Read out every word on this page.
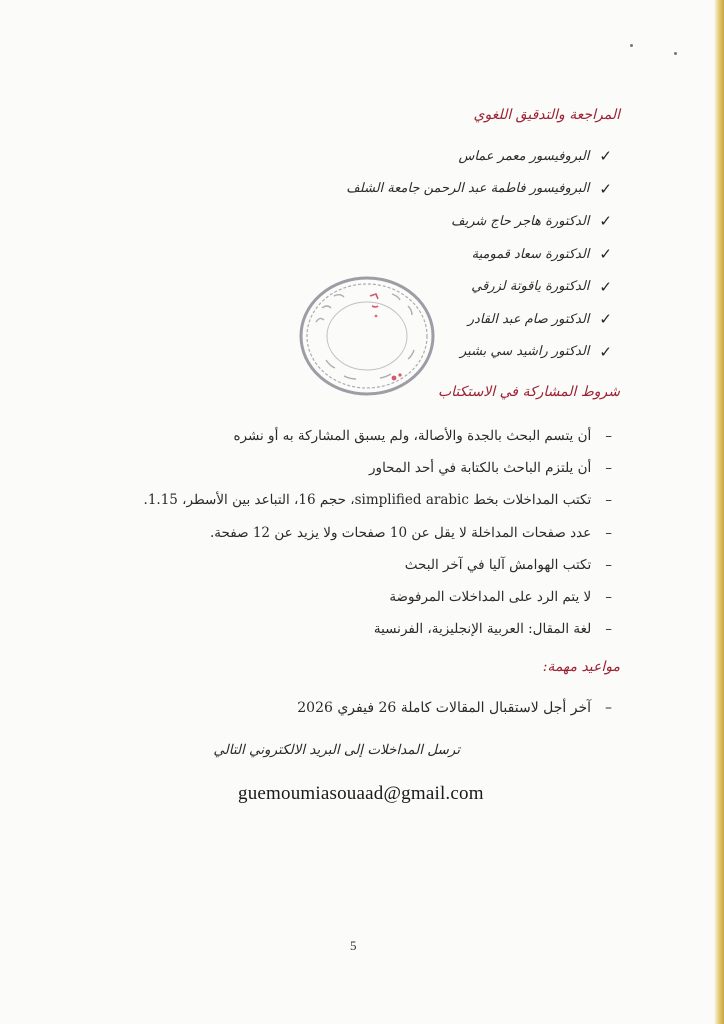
المراجعة والتدقيق اللغوي
✓
البروفيسور معمر عماس
✓
البروفيسور فاطمة عبد الرحمن جامعة الشلف
✓
الدكتورة هاجر حاج شريف
✓
الدكتورة سعاد قمومية
✓
الدكتورة ياقوتة لزرقي
✓
الدكتور صام عبد القادر
✓
الدكتور راشيد سي بشير
شروط المشاركة في الاستكتاب
–
أن يتسم البحث بالجدة والأصالة، ولم يسبق المشاركة به أو نشره
–
أن يلتزم الباحث بالكتابة في أحد المحاور
–
تكتب المداخلات بخط simplified arabic، حجم 16، التباعد بين الأسطر، 1.15.
–
عدد صفحات المداخلة لا يقل عن 10 صفحات ولا يزيد عن 12 صفحة.
–
تكتب الهوامش آليا في آخر البحث
–
لا يتم الرد على المداخلات المرفوضة
–
لغة المقال: العربية الإنجليزية، الفرنسية
مواعيد مهمة:
–
آخر أجل لاستقبال المقالات كاملة 26 فيفري 2026
ترسل المداخلات إلى البريد الالكتروني التالي
guemoumiasouaad@gmail.com
5
